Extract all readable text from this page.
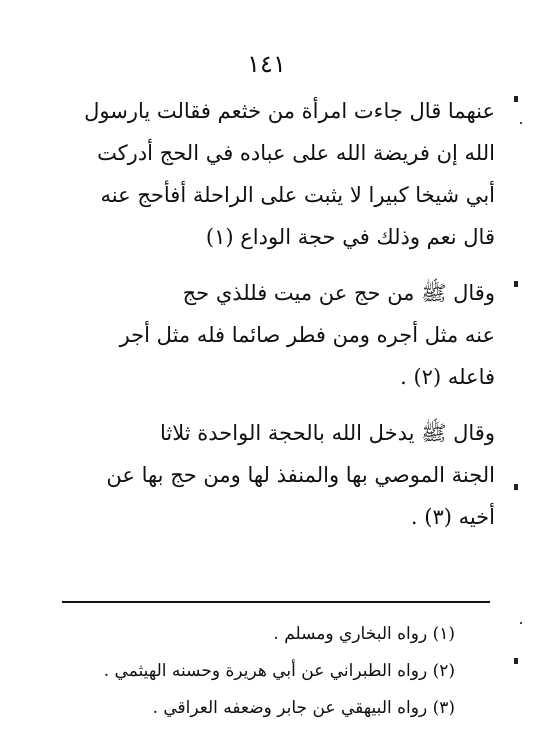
١٤١

عنهما قال جاءت امرأة من خثعم فقالت يارسول
الله إن فريضة الله على عباده في الحج أدركت
أبي شيخا كبيرا لا يثبت على الراحلة أفأحج عنه
قال نعم وذلك في حجة الوداع (١)

وقال ﷺ من حج عن ميت فللذي حج
عنه مثل أجره ومن فطر صائما فله مثل أجر
فاعله (٢) .

وقال ﷺ يدخل الله بالحجة الواحدة ثلاثا
الجنة الموصي بها والمنفذ لها ومن حج بها عن
أخيه (٣) .

(١) رواه البخاري ومسلم .
(٢) رواه الطبراني عن أبي هريرة وحسنه الهيثمي .
(٣) رواه البيهقي عن جابر وضعفه العراقي .
